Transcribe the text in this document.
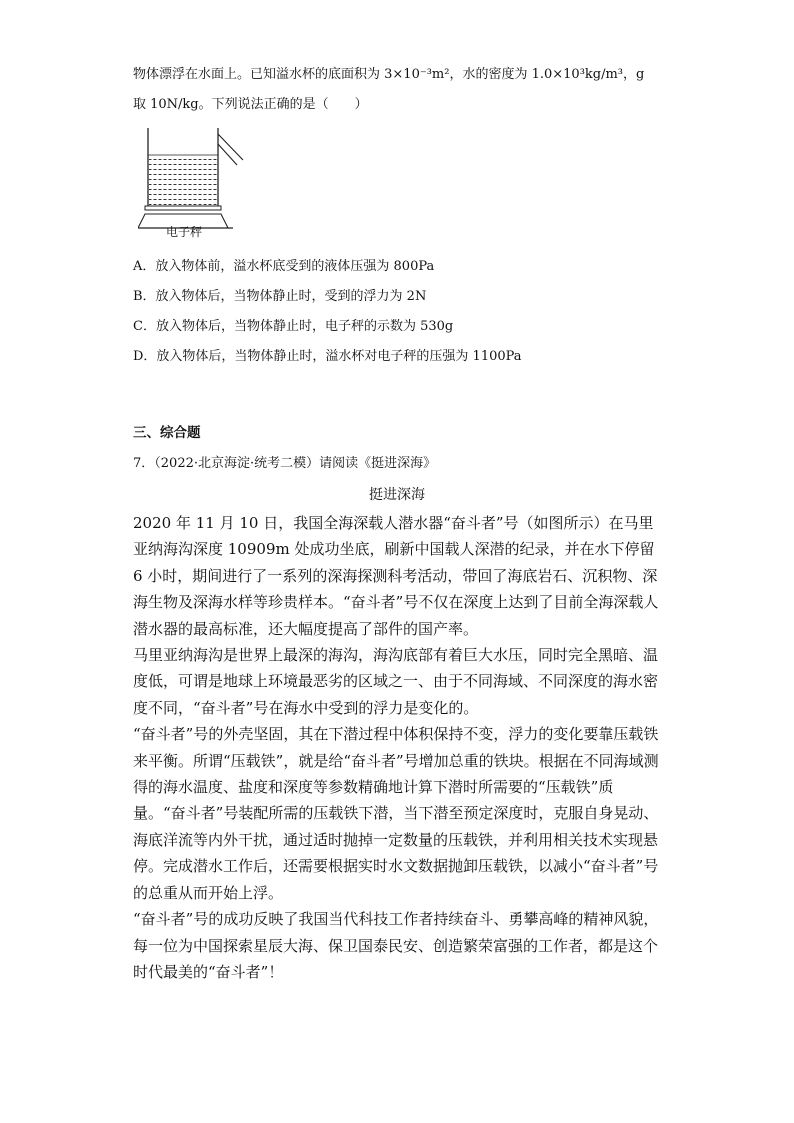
物体漂浮在水面上。已知溢水杯的底面积为 3×10⁻³m²，水的密度为 1.0×10³kg/m³，g
取 10N/kg。下列说法正确的是（　　）
电子秤
A．放入物体前，溢水杯底受到的液体压强为 800Pa
B．放入物体后，当物体静止时，受到的浮力为 2N
C．放入物体后，当物体静止时，电子秤的示数为 530g
D．放入物体后，当物体静止时，溢水杯对电子秤的压强为 1100Pa
三、综合题
7．（2022·北京海淀·统考二模）请阅读《挺进深海》
挺进深海

2020 年 11 月 10 日，我国全海深载人潜水器“奋斗者”号（如图所示）在马里亚纳海沟深度 10909m 处成功坐底，刷新中国载人深潜的纪录，并在水下停留 6 小时，期间进行了一系列的深海探测科考活动，带回了海底岩石、沉积物、深海生物及深海水样等珍贵样本。“奋斗者”号不仅在深度上达到了目前全海深载人潜水器的最高标准，还大幅度提高了部件的国产率。

马里亚纳海沟是世界上最深的海沟，海沟底部有着巨大水压，同时完全黑暗、温度低，可谓是地球上环境最恶劣的区域之一、由于不同海域、不同深度的海水密度不同，“奋斗者”号在海水中受到的浮力是变化的。

“奋斗者”号的外壳坚固，其在下潜过程中体积保持不变，浮力的变化要靠压载铁来平衡。所谓“压载铁”，就是给“奋斗者”号增加总重的铁块。根据在不同海域测得的海水温度、盐度和深度等参数精确地计算下潜时所需要的“压载铁”质量。“奋斗者”号装配所需的压载铁下潜，当下潜至预定深度时，克服自身晃动、海底洋流等内外干扰，通过适时抛掉一定数量的压载铁，并利用相关技术实现悬停。完成潜水工作后，还需要根据实时水文数据抛卸压载铁，以减小“奋斗者”号的总重从而开始上浮。

“奋斗者”号的成功反映了我国当代科技工作者持续奋斗、勇攀高峰的精神风貌，每一位为中国探索星辰大海、保卫国泰民安、创造繁荣富强的工作者，都是这个时代最美的“奋斗者”！
